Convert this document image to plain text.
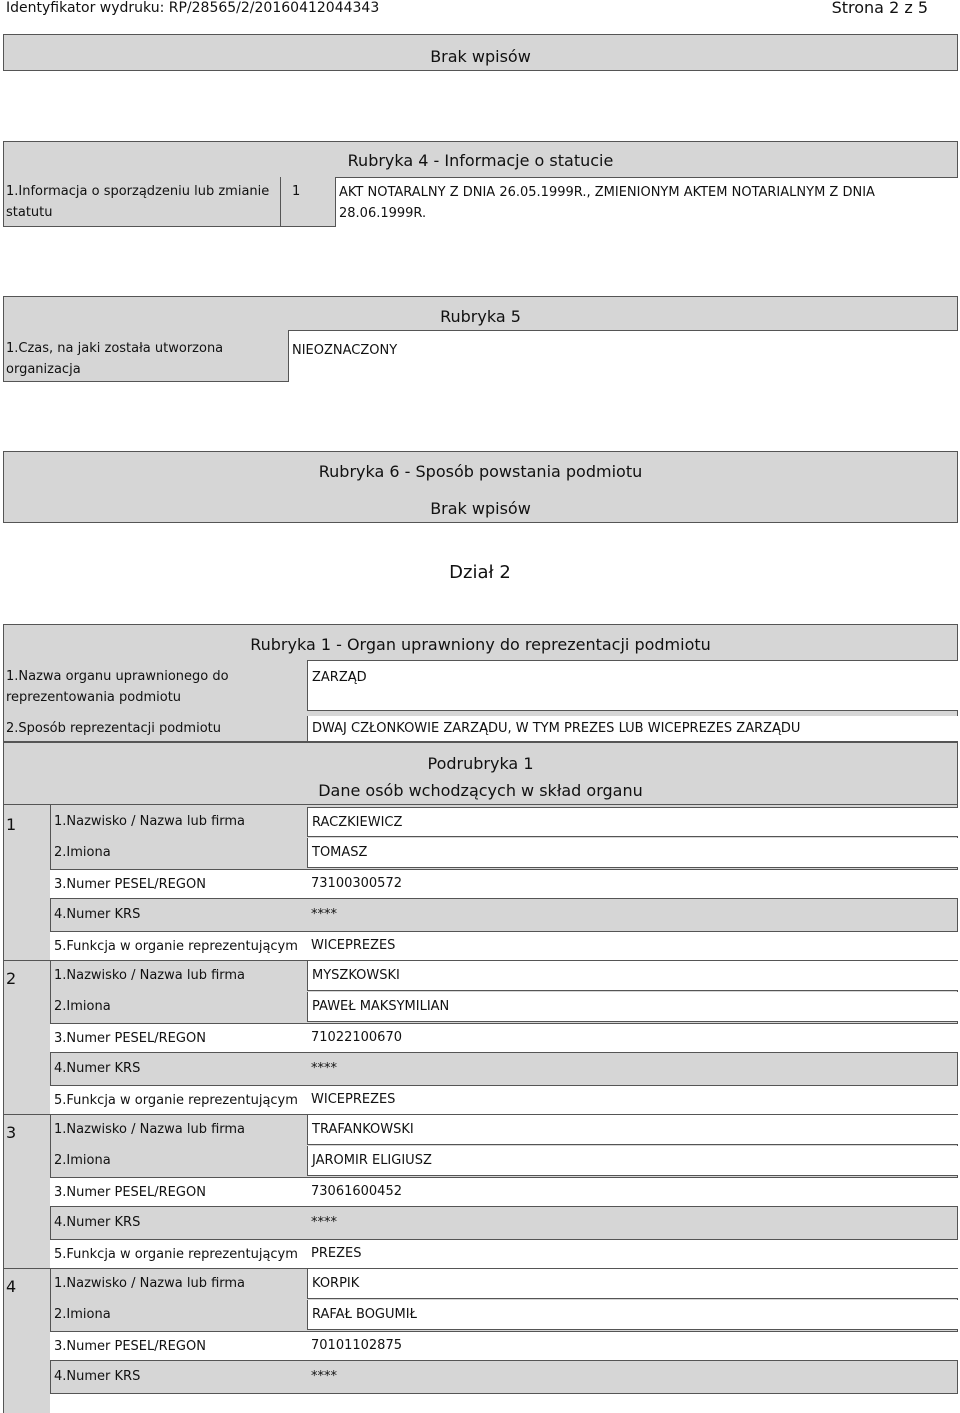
Identyfikator wydruku: RP/28565/2/20160412044343	Strona 2 z 5
Brak wpisów
Rubryka 4 - Informacje o statucie
1.Informacja o sporządzeniu lub zmianie statutu
1	AKT NOTARALNY Z DNIA 26.05.1999R., ZMIENIONYM AKTEM NOTARIALNYM Z DNIA 28.06.1999R.
Rubryka 5
1.Czas, na jaki została utworzona organizacja
NIEOZNACZONY
Rubryka 6 - Sposób powstania podmiotu
Brak wpisów
Dział 2
Rubryka 1 - Organ uprawniony do reprezentacji podmiotu
1.Nazwa organu uprawnionego do reprezentowania podmiotu
ZARZĄD
2.Sposób reprezentacji podmiotu	DWAJ CZŁONKOWIE ZARZĄDU, W TYM PREZES LUB WICEPREZES ZARZĄDU
Podrubryka 1
Dane osób wchodzących w skład organu
1	1.Nazwisko / Nazwa lub firma	RACZKIEWICZ
2.Imiona	TOMASZ
3.Numer PESEL/REGON	73100300572
4.Numer KRS	****
5.Funkcja w organie reprezentującym	WICEPREZES
2	1.Nazwisko / Nazwa lub firma	MYSZKOWSKI
2.Imiona	PAWEŁ MAKSYMILIAN
3.Numer PESEL/REGON	71022100670
4.Numer KRS	****
5.Funkcja w organie reprezentującym	WICEPREZES
3	1.Nazwisko / Nazwa lub firma	TRAFANKOWSKI
2.Imiona	JAROMIR ELIGIUSZ
3.Numer PESEL/REGON	73061600452
4.Numer KRS	****
5.Funkcja w organie reprezentującym	PREZES
4	1.Nazwisko / Nazwa lub firma	KORPIK
2.Imiona	RAFAŁ BOGUMIŁ
3.Numer PESEL/REGON	70101102875
4.Numer KRS	****
